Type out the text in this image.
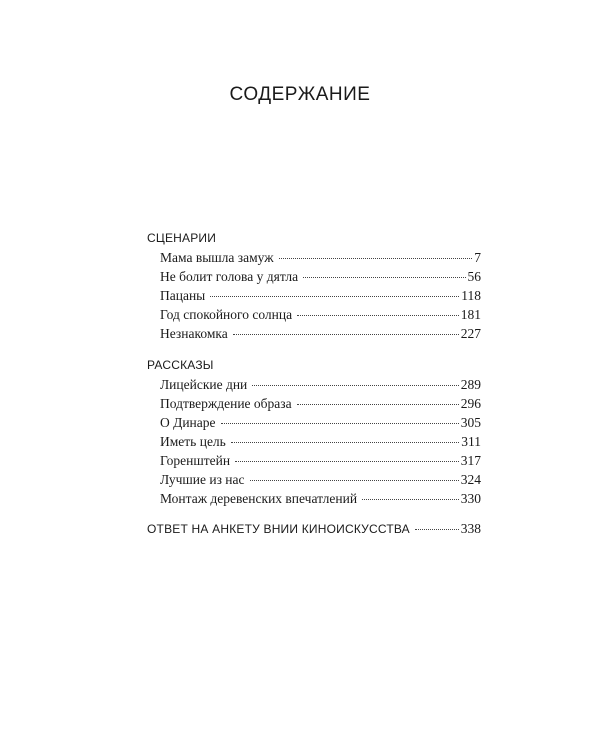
СОДЕРЖАНИЕ
СЦЕНАРИИ
Мама вышла замуж	7
Не болит голова у дятла	56
Пацаны	118
Год спокойного солнца	181
Незнакомка	227
РАССКАЗЫ
Лицейские дни	289
Подтверждение образа	296
О Динаре	305
Иметь цель	311
Горенштейн	317
Лучшие из нас	324
Монтаж деревенских впечатлений	330
ОТВЕТ НА АНКЕТУ ВНИИ КИНОИСКУССТВА	338
